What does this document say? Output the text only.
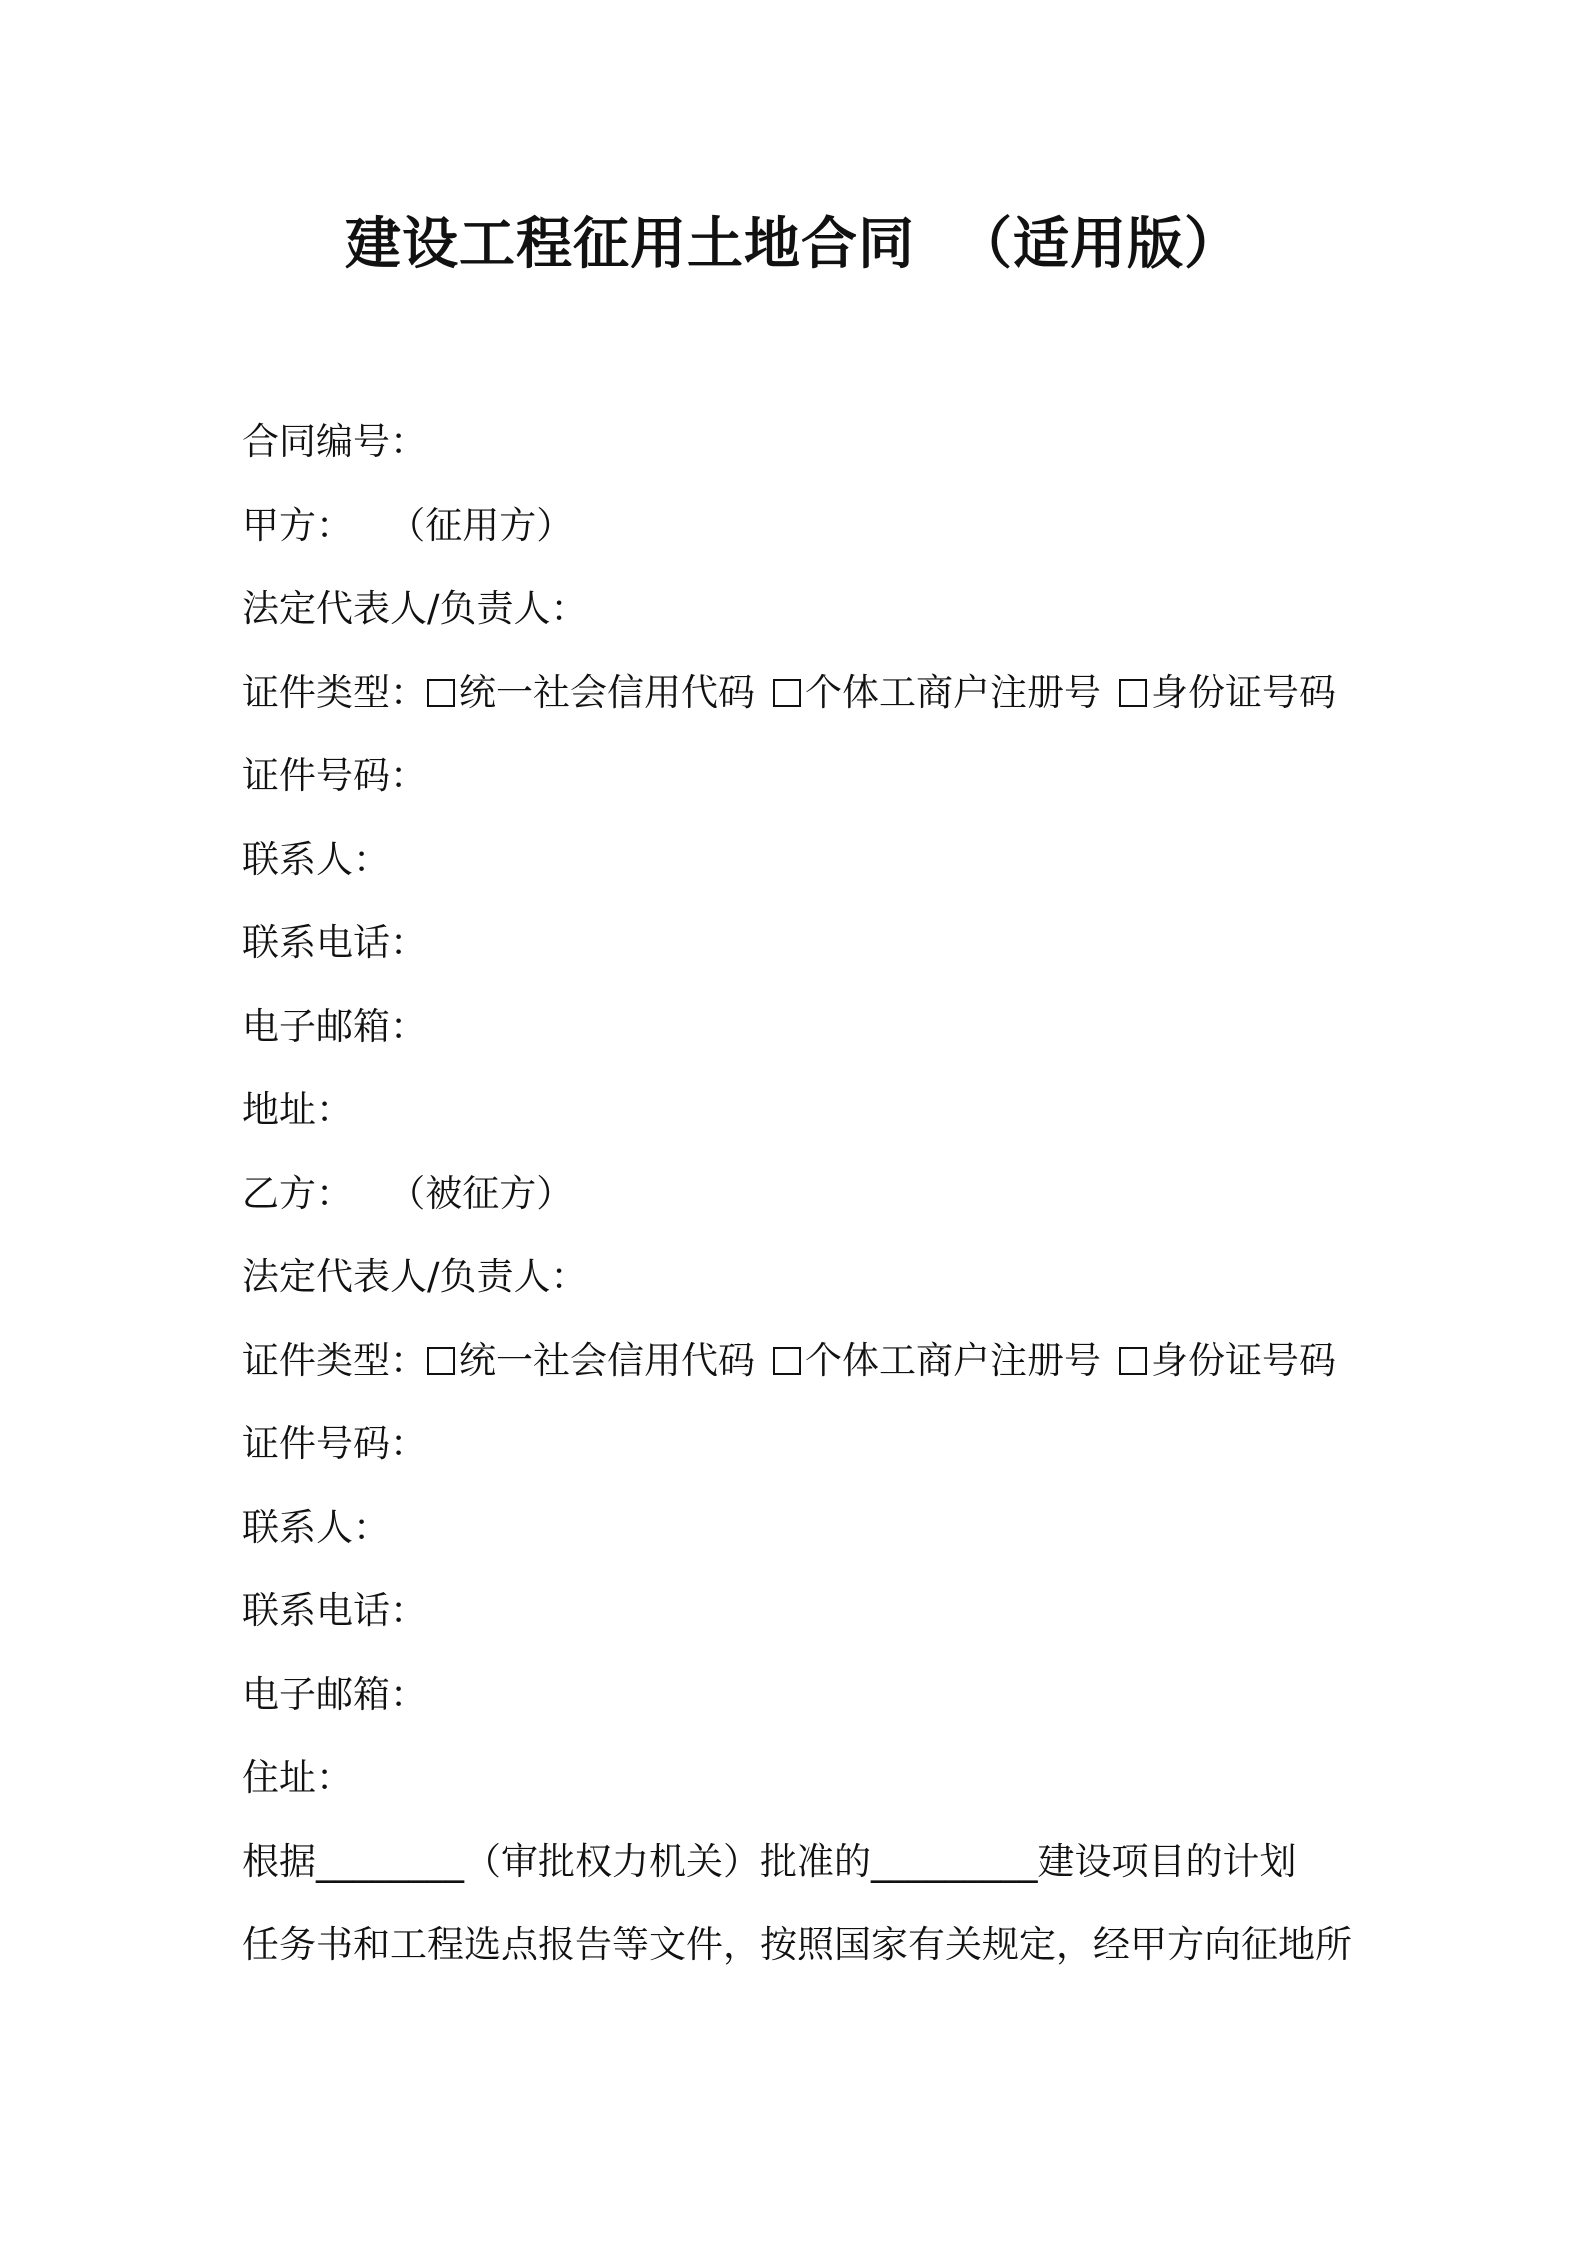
建设工程征用土地合同  （适用版）
合同编号：
甲方：   （征用方）
法定代表人/负责人：
证件类型： 统一社会信用代码 个体工商户注册号 身份证号码
证件号码：
联系人：
联系电话：
电子邮箱：
地址：
乙方：   （被征方）
法定代表人/负责人：
证件类型： 统一社会信用代码 个体工商户注册号 身份证号码
证件号码：
联系人：
联系电话：
电子邮箱：
住址：
根据________（审批权力机关）批准的_________建设项目的计划
任务书和工程选点报告等文件，按照国家有关规定，经甲方向征地所
